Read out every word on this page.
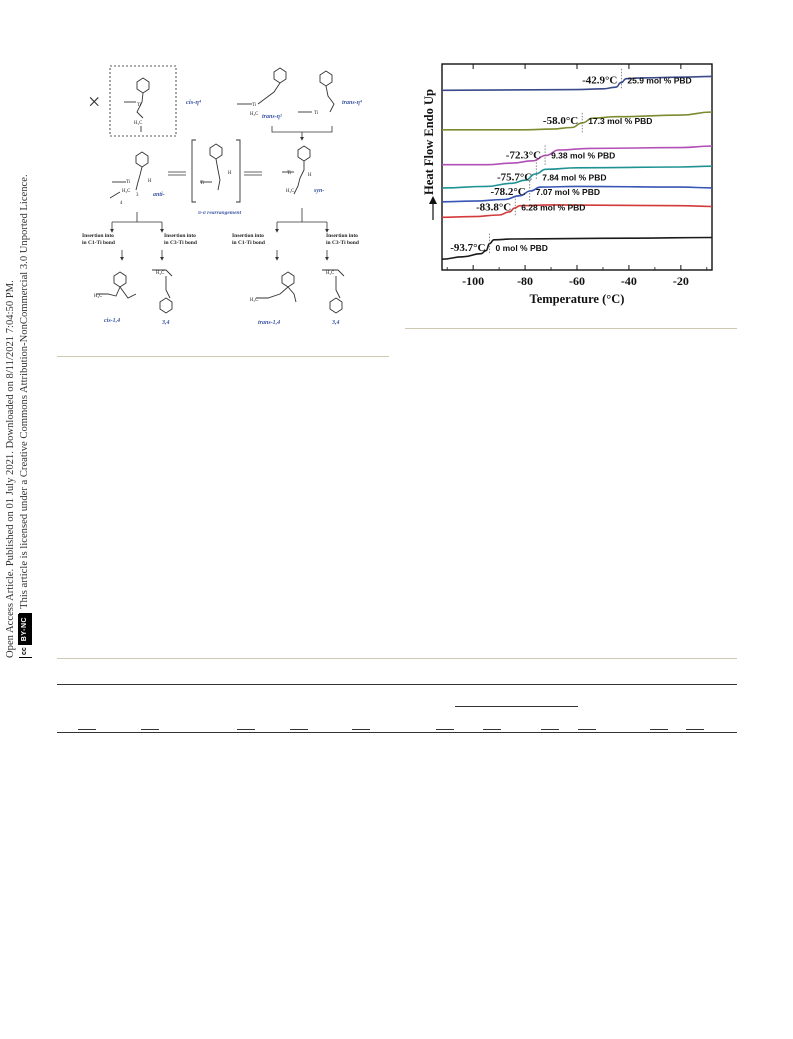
Open Access Article. Published on 01 July 2021. Downloaded on 8/11/2021 7:04:50 PM. cc
BY-NC
This article is licensed under a Creative Commons Attribution-NonCommercial 3.0 Unported Licence.
×	Ti
H₂C
cis-η⁴	Ti
H₂C trans-η²
Ti
trans-η⁴
Ti	H
H₂C
4
3 anti-
Ti
H
π-σ rearrangement
Ti	H
H₂C	syn-
Insertion into
in C1-Ti bond
Insertion into
in C3-Ti bond
Insertion into
in C1-Ti bond
Insertion into
in C3-Ti bond
H₂C
cis-1,4
H₂C
3,4
H₂C
trans-1,4
H₂C
3,4
-100	-80	-60	-40	-20
Temperature (°C)
Heat Flow Endo Up
-42.9°C 25.9 mol % PBD
-58.0°C 17.3 mol % PBD
-72.3°C 9.38 mol % PBD
-75.7°C 7.84 mol % PBD
-78.2°C 7.07 mol % PBD
-83.8°C 6.28 mol % PBD
-93.7°C 0 mol % PBD
